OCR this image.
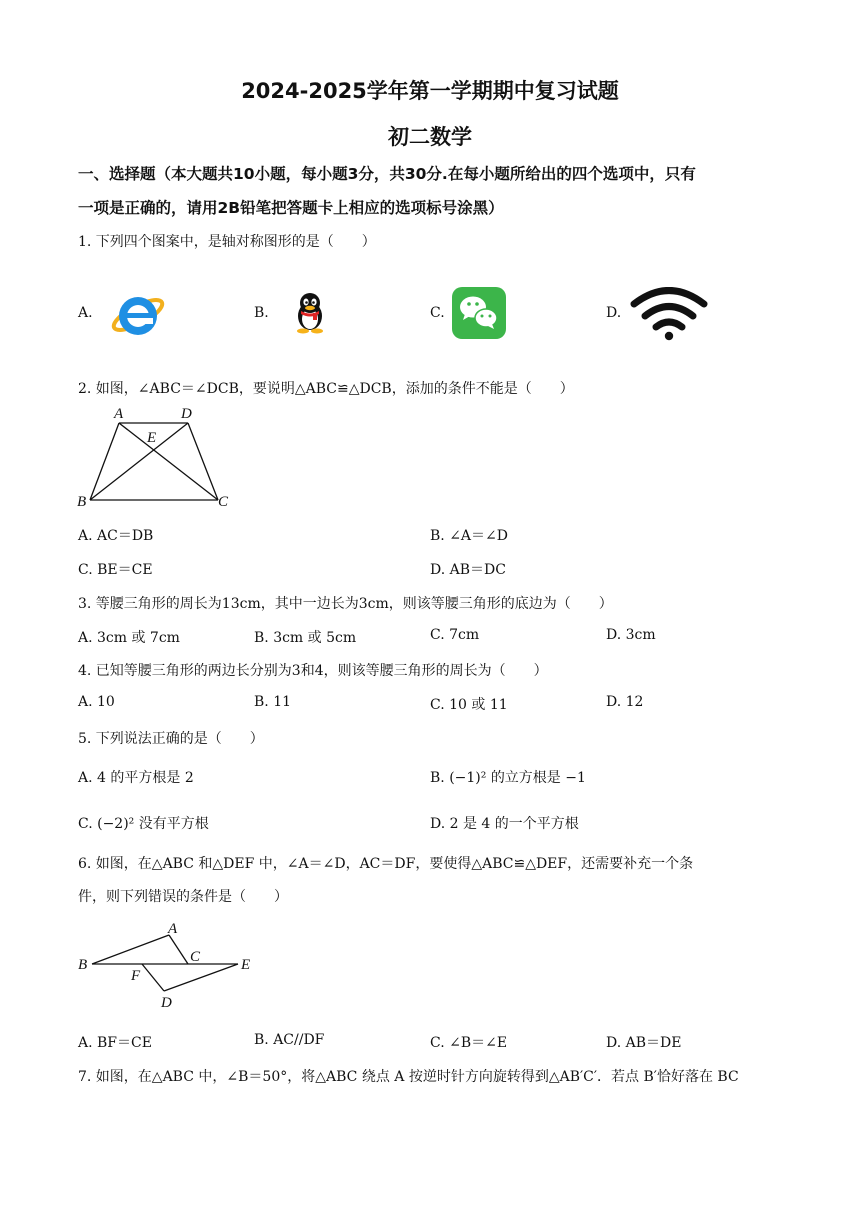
2024-2025学年第一学期期中复习试题
初二数学
一、选择题（本大题共10小题，每小题3分，共30分.在每小题所给出的四个选项中，只有
一项是正确的，请用2B铅笔把答题卡上相应的选项标号涂黑）
1. 下列四个图案中，是轴对称图形的是（　　）
A.	B.	C.	D.
2. 如图，∠ABC＝∠DCB，要说明△ABC≌△DCB，添加的条件不能是（　　）
A	D
E
B	C
A. AC＝DB	B. ∠A＝∠D
C. BE＝CE	D. AB＝DC
3. 等腰三角形的周长为13cm，其中一边长为3cm，则该等腰三角形的底边为（　　）
A. 3cm 或 7cm	B. 3cm 或 5cm	C. 7cm	D. 3cm
4. 已知等腰三角形的两边长分别为3和4，则该等腰三角形的周长为（　　）
A. 10	B. 11	C. 10 或 11	D. 12
5. 下列说法正确的是（　　）
A. 4 的平方根是 2	B. (−1)² 的立方根是 −1
C. (−2)² 没有平方根	D. 2 是 4 的一个平方根
6. 如图，在△ABC 和△DEF 中，∠A＝∠D，AC＝DF，要使得△ABC≌△DEF，还需要补充一个条
件，则下列错误的条件是（　　）
A
C
B	E
F
D
A. BF＝CE	B. AC//DF	C. ∠B＝∠E	D. AB＝DE
7. 如图，在△ABC 中，∠B＝50°，将△ABC 绕点 A 按逆时针方向旋转得到△AB′C′．若点 B′恰好落在 BC
